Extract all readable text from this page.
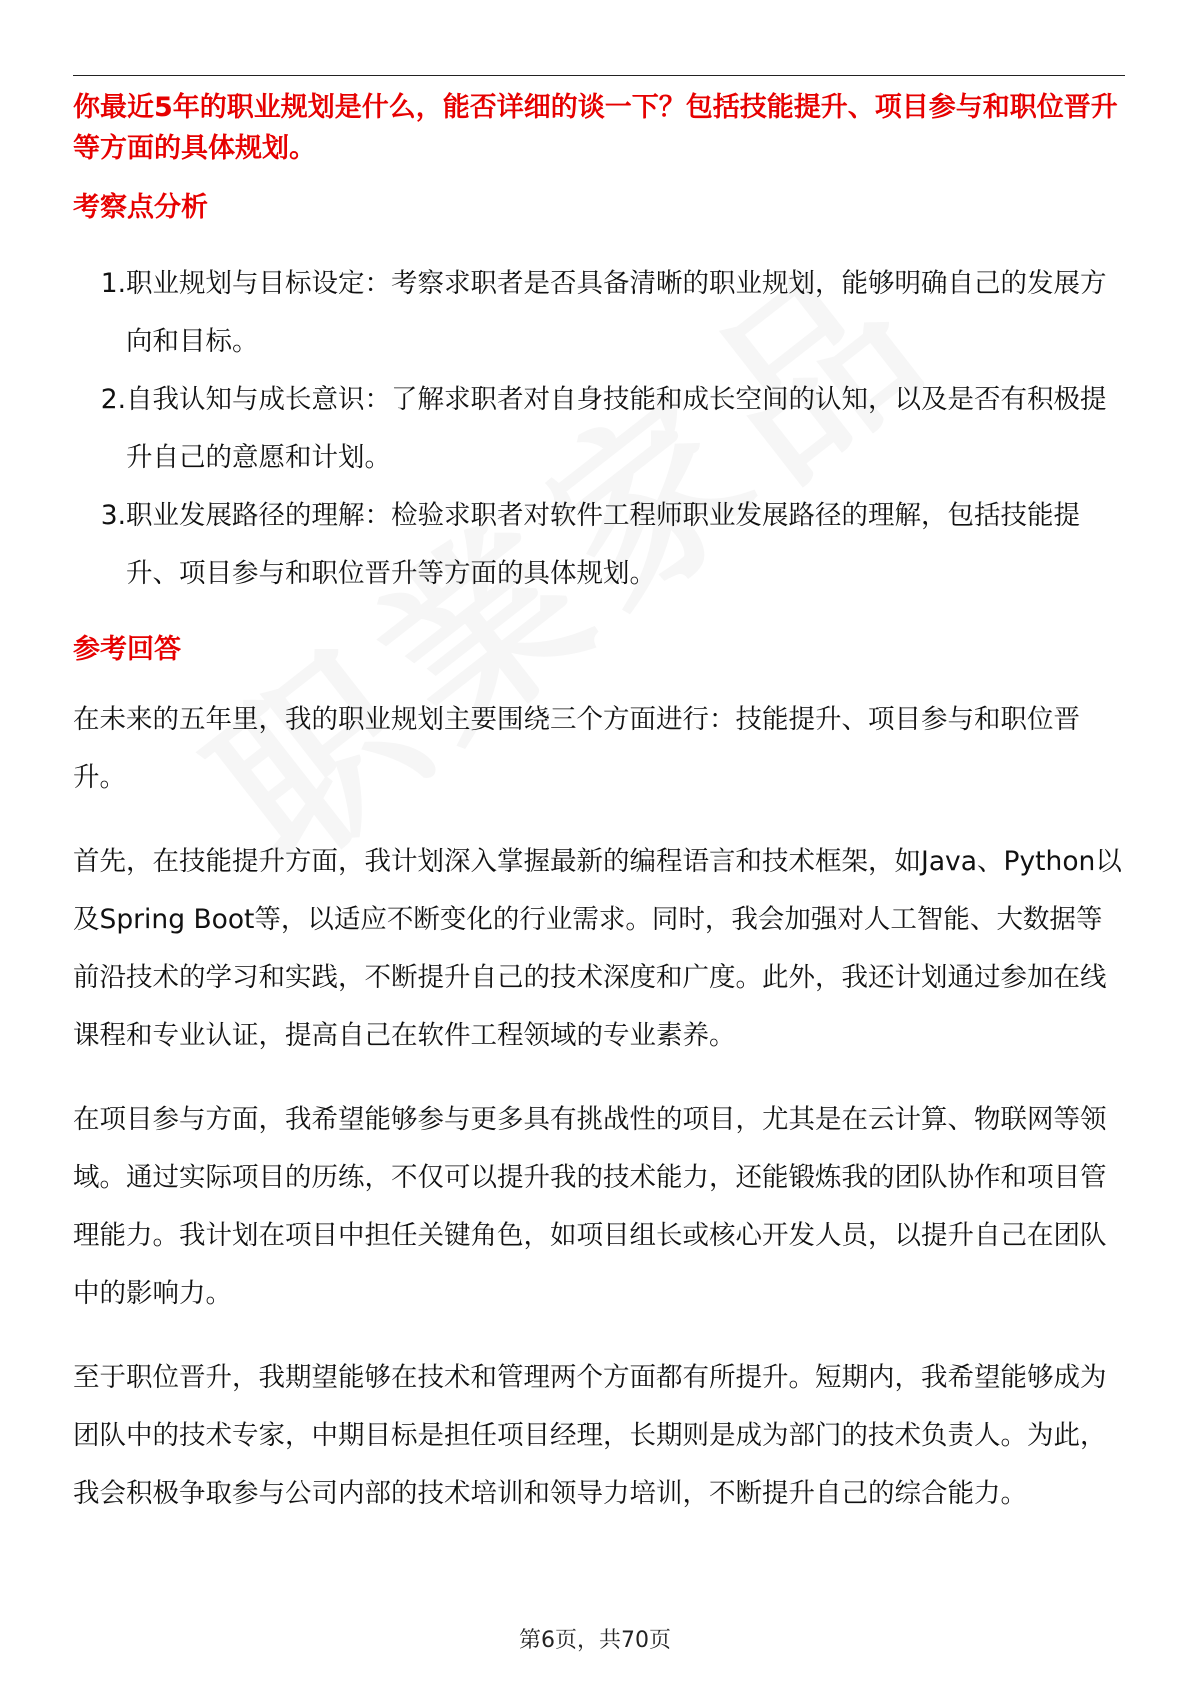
你最近5年的职业规划是什么，能否详细的谈一下？包括技能提升、项目参与和职位晋升等方面的具体规划。

考察点分析
1. 职业规划与目标设定：考察求职者是否具备清晰的职业规划，能够明确自己的发展方向和目标。
2. 自我认知与成长意识：了解求职者对自身技能和成长空间的认知，以及是否有积极提升自己的意愿和计划。
3. 职业发展路径的理解：检验求职者对软件工程师职业发展路径的理解，包括技能提升、项目参与和职位晋升等方面的具体规划。
参考回答

在未来的五年里，我的职业规划主要围绕三个方面进行：技能提升、项目参与和职位晋升。

首先，在技能提升方面，我计划深入掌握最新的编程语言和技术框架，如Java、Python以及Spring Boot等，以适应不断变化的行业需求。同时，我会加强对人工智能、大数据等前沿技术的学习和实践，不断提升自己的技术深度和广度。此外，我还计划通过参加在线课程和专业认证，提高自己在软件工程领域的专业素养。

在项目参与方面，我希望能够参与更多具有挑战性的项目，尤其是在云计算、物联网等领域。通过实际项目的历练，不仅可以提升我的技术能力，还能锻炼我的团队协作和项目管理能力。我计划在项目中担任关键角色，如项目组长或核心开发人员，以提升自己在团队中的影响力。

至于职位晋升，我期望能够在技术和管理两个方面都有所提升。短期内，我希望能够成为团队中的技术专家，中期目标是担任项目经理，长期则是成为部门的技术负责人。为此，我会积极争取参与公司内部的技术培训和领导力培训，不断提升自己的综合能力。

第6页，共70页
